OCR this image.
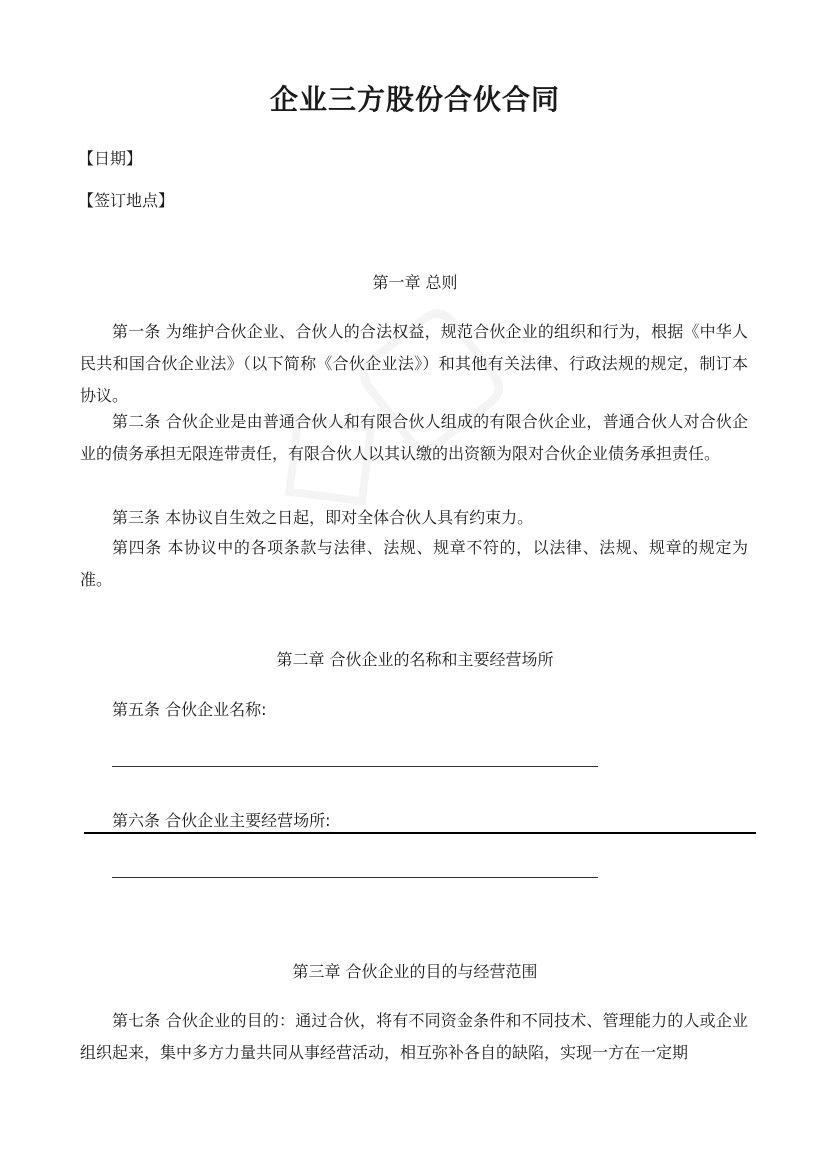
企业三方股份合伙合同
【日期】
【签订地点】
第一章 总则
第一条 为维护合伙企业、合伙人的合法权益，规范合伙企业的组织和行为，根据《中华人民共和国合伙企业法》（以下简称《合伙企业法》）和其他有关法律、行政法规的规定，制订本协议。
第二条 合伙企业是由普通合伙人和有限合伙人组成的有限合伙企业，普通合伙人对合伙企业的债务承担无限连带责任，有限合伙人以其认缴的出资额为限对合伙企业债务承担责任。
第三条 本协议自生效之日起，即对全体合伙人具有约束力。
第四条 本协议中的各项条款与法律、法规、规章不符的，以法律、法规、规章的规定为准。
第二章 合伙企业的名称和主要经营场所
第五条 合伙企业名称:
第六条 合伙企业主要经营场所:
第三章 合伙企业的目的与经营范围
第七条 合伙企业的目的：通过合伙，将有不同资金条件和不同技术、管理能力的人或企业组织起来，集中多方力量共同从事经营活动，相互弥补各自的缺陷，实现一方在一定期
